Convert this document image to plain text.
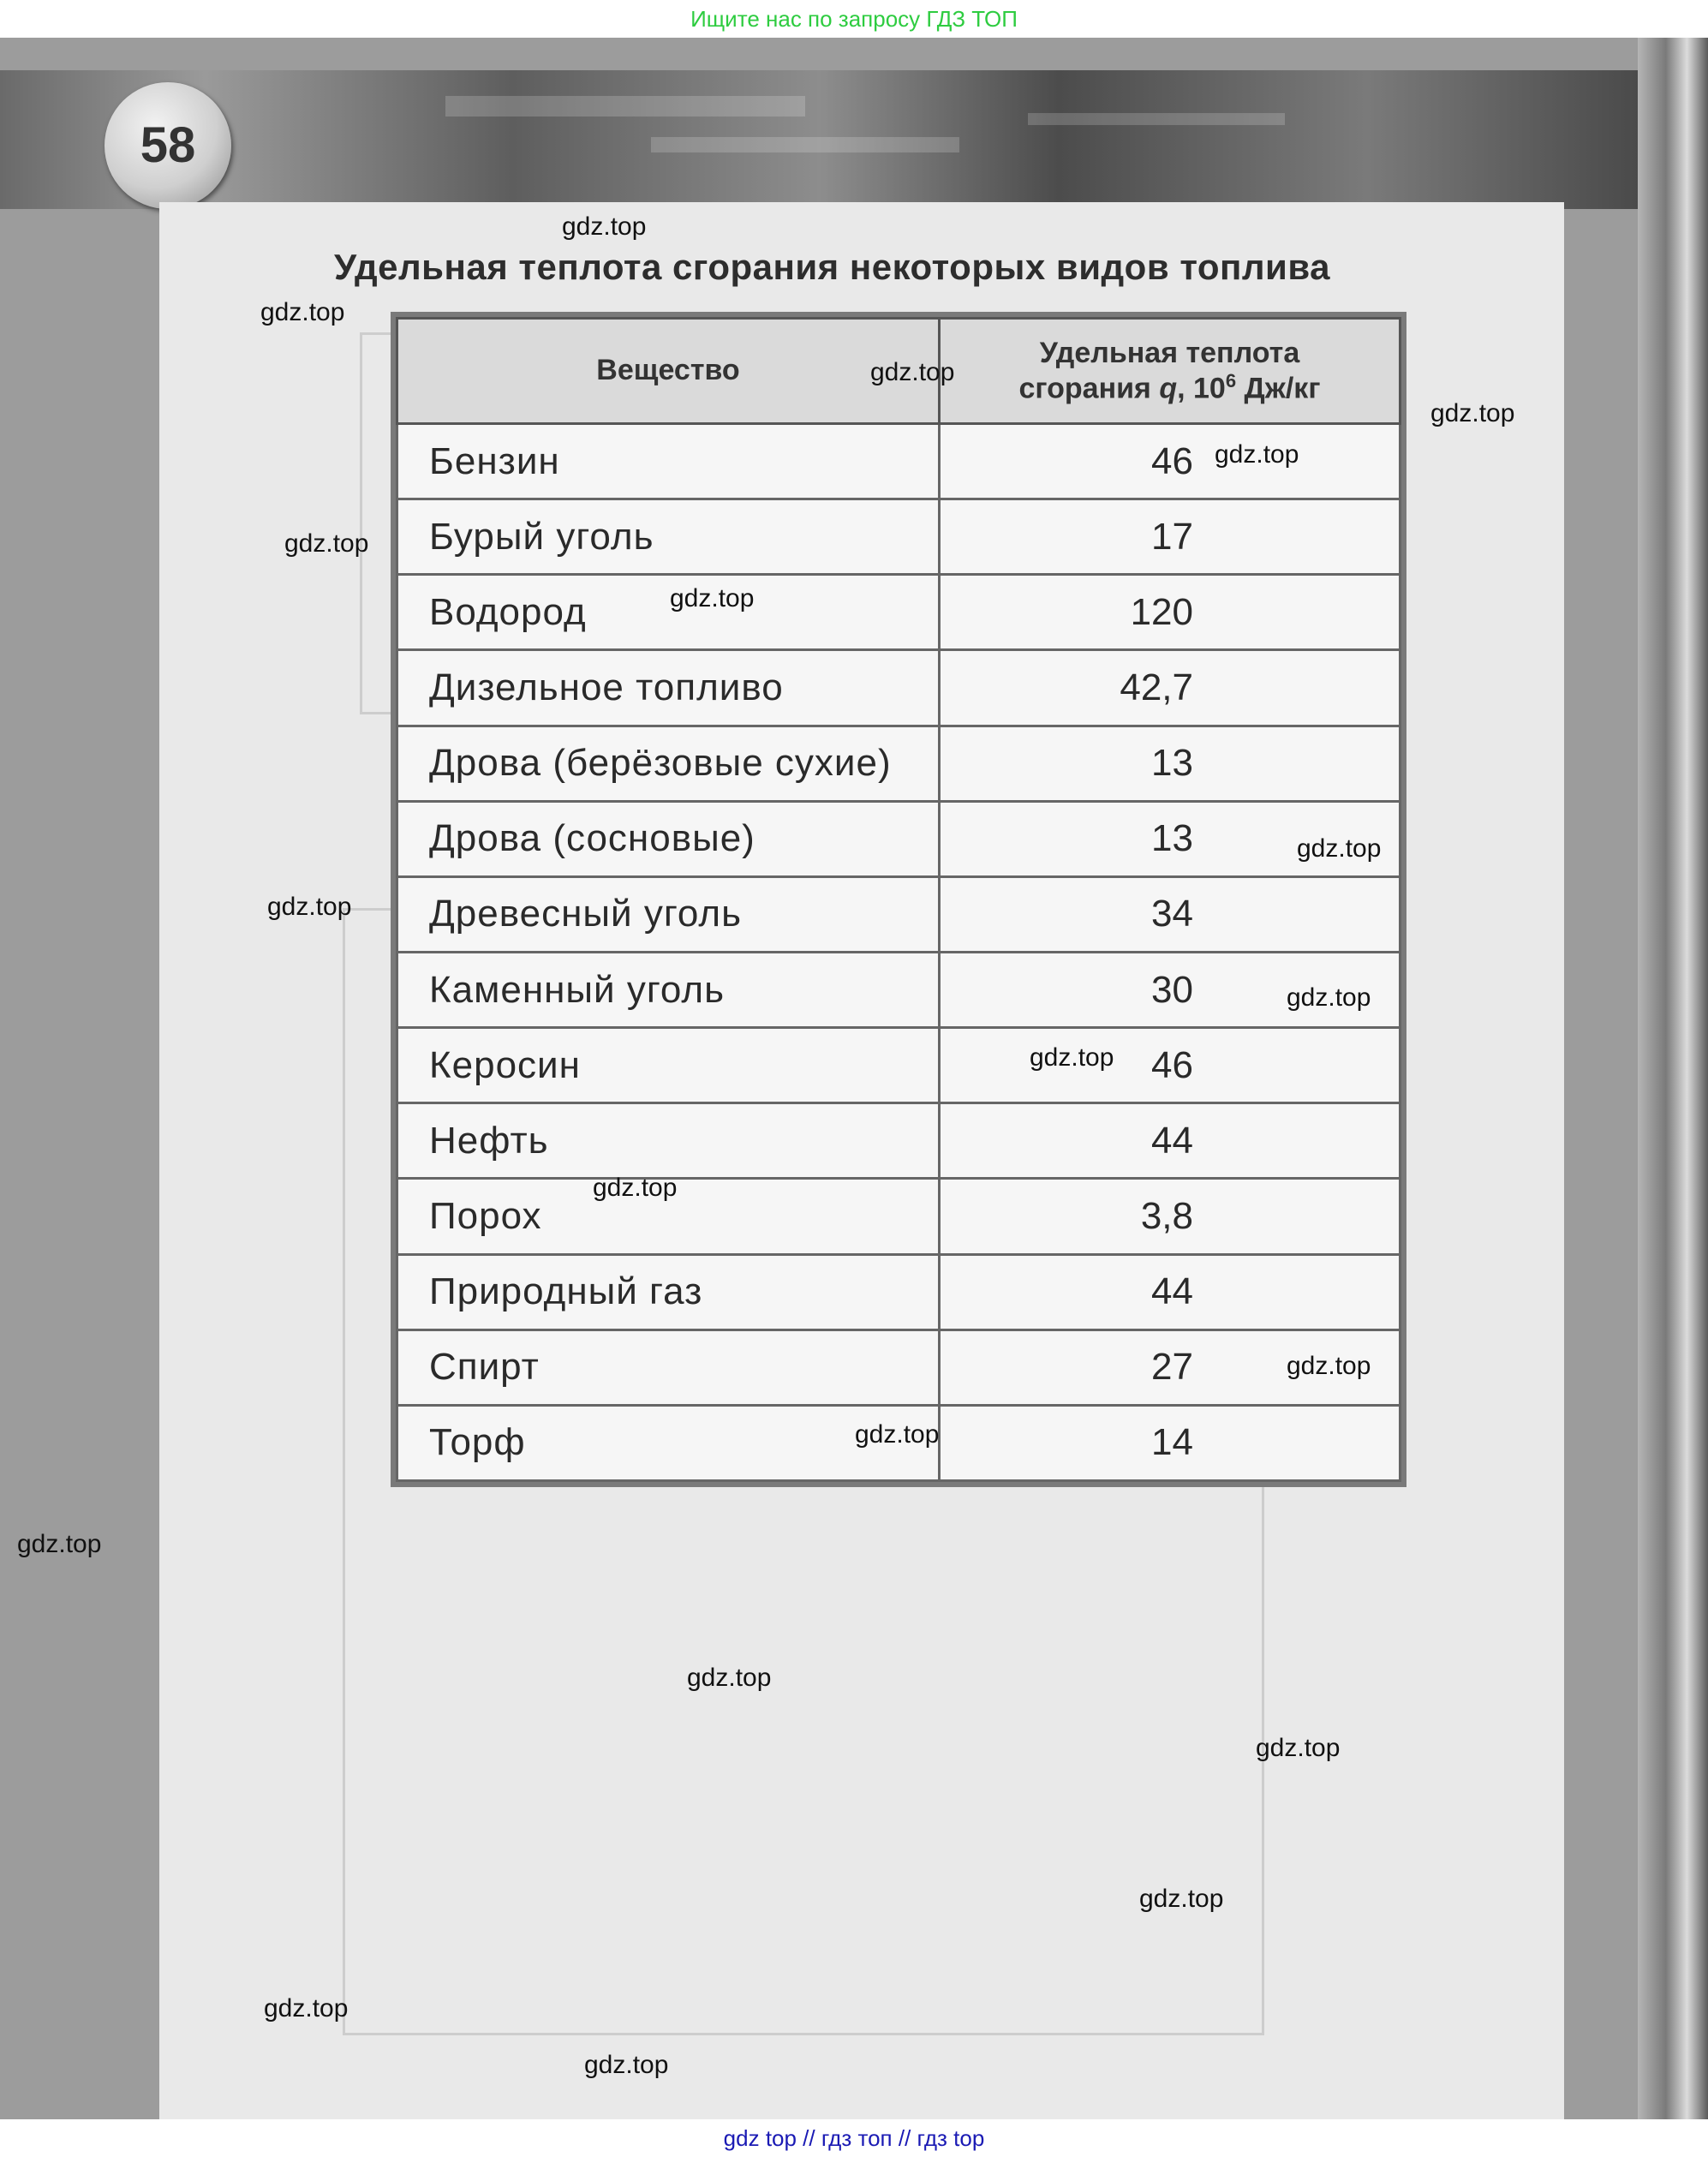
Ищите нас по запросу ГДЗ ТОП
58
Удельная теплота сгорания некоторых видов топлива
Вещество	Удельная теплота
сгорания q, $10^6$ Дж/кг
Бензин	46
Бурый уголь	17
Водород	120
Дизельное топливо	42,7
Дрова (берёзовые сухие)	13
Дрова (сосновые)	13
Древесный уголь	34
Каменный уголь	30
Керосин	46
Нефть	44
Порох	3,8
Природный газ	44
Спирт	27
Торф	14
gdz.top
gdz.top
gdz.top
gdz.top
gdz.top
gdz.top
gdz.top
gdz.top
gdz.top
gdz.top
gdz.top
gdz.top
gdz.top
gdz.top
gdz.top
gdz.top
gdz.top
gdz.top
gdz.top
gdz.top
gdz top // гдз топ // гдз top
